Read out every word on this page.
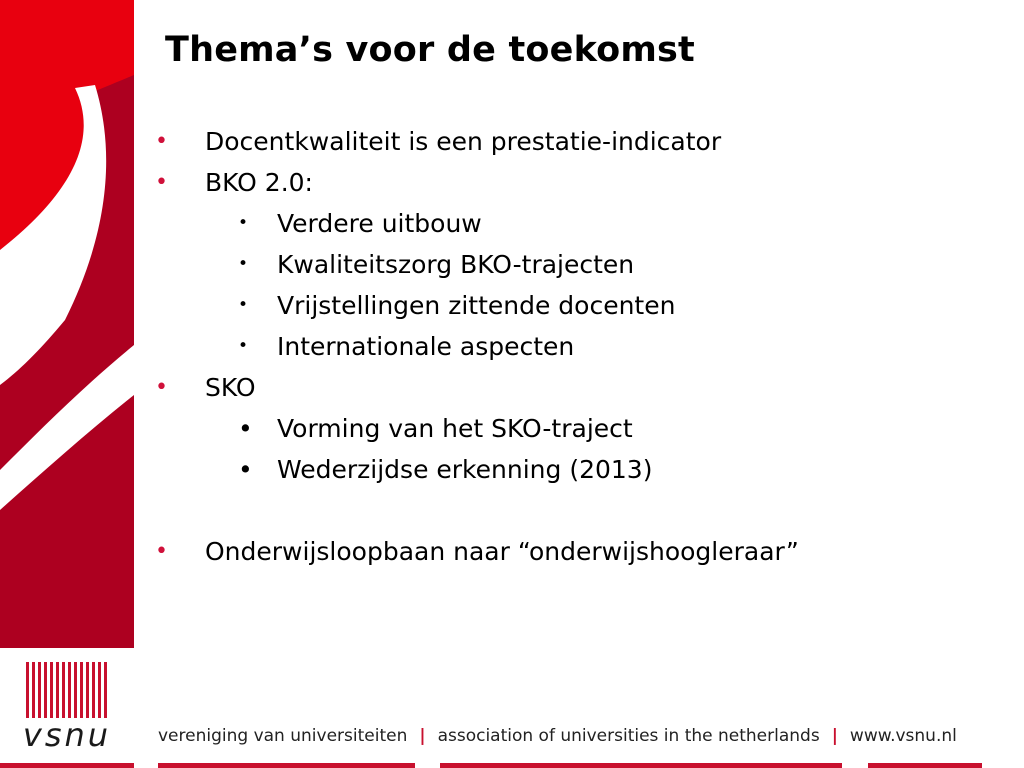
Thema’s voor de toekomst
• Docentkwaliteit is een prestatie-indicator
• BKO 2.0:
•	Verdere uitbouw
•	Kwaliteitszorg BKO-trajecten
•	Vrijstellingen zittende docenten
•	Internationale aspecten
• SKO
• Vorming van het SKO-traject
• Wederzijdse erkenning (2013)
• Onderwijsloopbaan naar “onderwijshoogleraar”
vsnu	vereniging van universiteiten | association of universities in the netherlands | www.vsnu.nl
